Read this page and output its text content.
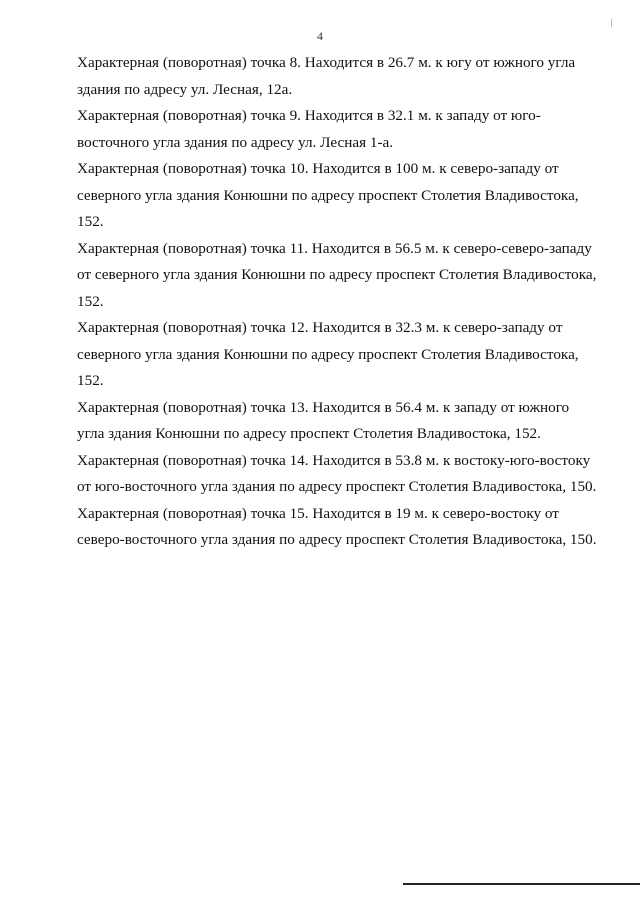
4
Характерная (поворотная) точка 8. Находится в 26.7 м. к югу от южного угла
здания по адресу ул. Лесная, 12а.
Характерная (поворотная) точка 9. Находится в 32.1 м. к западу от юго-
восточного угла здания по адресу ул. Лесная 1-а.
Характерная (поворотная) точка 10. Находится в 100 м. к северо-западу от
северного угла здания Конюшни по адресу проспект Столетия Владивостока,
152.
Характерная (поворотная) точка 11. Находится в 56.5 м. к северо-северо-западу
от северного угла здания Конюшни по адресу проспект Столетия Владивостока,
152.
Характерная (поворотная) точка 12. Находится в 32.3 м. к северо-западу от
северного угла здания Конюшни по адресу проспект Столетия Владивостока,
152.
Характерная (поворотная) точка 13. Находится в 56.4 м. к западу от южного
угла здания Конюшни по адресу проспект Столетия Владивостока, 152.
Характерная (поворотная) точка 14. Находится в 53.8 м. к востоку-юго-востоку
от юго-восточного угла здания по адресу проспект Столетия Владивостока, 150.
Характерная (поворотная) точка 15. Находится в 19 м. к северо-востоку от
северо-восточного угла здания по адресу проспект Столетия Владивостока, 150.
